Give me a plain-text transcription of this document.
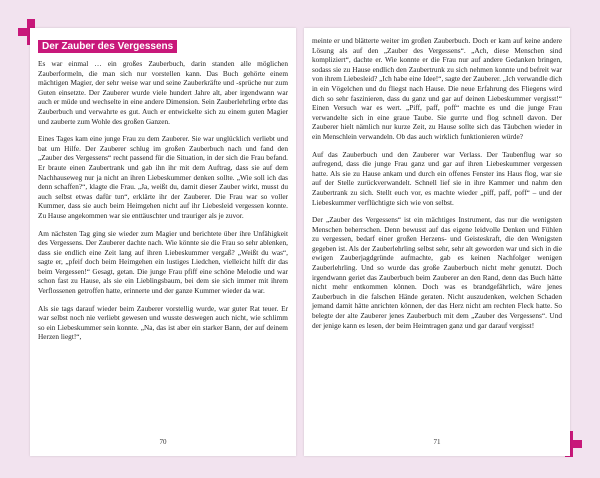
Der Zauber des Vergessens

Es war einmal … ein großes Zauberbuch, darin standen alle möglichen Zauberformeln, die man sich nur vorstellen kann. Das Buch gehörte einem mächtigen Magier, der sehr weise war und seine Zauberkräfte und -sprüche nur zum Guten einsetzte. Der Zauberer wurde viele hundert Jahre alt, aber irgendwann war auch er müde und wechselte in eine andere Dimension. Sein Zauberlehrling erbte das Zauberbuch und verwahrte es gut. Auch er entwickelte sich zu einem guten Magier und zauberte zum Wohle des großen Ganzen.

Eines Tages kam eine junge Frau zu dem Zauberer. Sie war unglücklich verliebt und bat um Hilfe. Der Zauberer schlug im großen Zauberbuch nach und fand den „Zauber des Vergessens“ recht passend für die Situation, in der sich die Frau befand. Er braute einen Zaubertrank und gab ihn ihr mit dem Auftrag, dass sie auf dem Nachhauseweg nur ja nicht an ihren Liebeskummer denken sollte. „Wie soll ich das denn schaffen?“, klagte die Frau. „Ja, weißt du, damit dieser Zauber wirkt, musst du auch selbst etwas dafür tun“, erklärte ihr der Zauberer. Die Frau war so voller Kummer, dass sie auch beim Heimgehen nicht auf ihr Liebesleid vergessen konnte. Zu Hause angekommen war sie enttäuschter und trauriger als je zuvor.

Am nächsten Tag ging sie wieder zum Magier und berichtete über ihre Unfähigkeit des Vergessens. Der Zauberer dachte nach. Wie könnte sie die Frau so sehr ablenken, dass sie endlich eine Zeit lang auf ihren Liebeskummer vergaß? „Weißt du was“, sagte er, „pfeif doch beim Heimgehen ein lustiges Liedchen, vielleicht hilft dir das beim Vergessen!“ Gesagt, getan. Die junge Frau pfiff eine schöne Melodie und war schon fast zu Hause, als sie ein Lieblingsbaum, bei dem sie sich immer mit ihrem Verflossenen getroffen hatte, erinnerte und der ganze Kummer wieder da war.

Als sie tags darauf wieder beim Zauberer vorstellig wurde, war guter Rat teuer. Er war selbst noch nie verliebt gewesen und wusste deswegen auch nicht, wie schlimm so ein Liebeskummer sein konnte. „Na, das ist aber ein starker Bann, der auf deinem Herzen liegt!“,

70

meinte er und blätterte weiter im großen Zauberbuch. Doch er kam auf keine andere Lösung als auf den „Zauber des Vergessens“. „Ach, diese Menschen sind kompliziert“, dachte er. Wie konnte er die Frau nur auf andere Gedanken bringen, sodass sie zu Hause endlich den Zaubertrunk zu sich nehmen konnte und befreit war von ihrem Liebesleid? „Ich habe eine Idee!“, sagte der Zauberer. „Ich verwandle dich in ein Vögelchen und du fliegst nach Hause. Die neue Erfahrung des Fliegens wird dich so sehr faszinieren, dass du ganz und gar auf deinen Liebeskummer vergisst!“ Einen Versuch war es wert. „Piff, paff, poff“ machte es und die junge Frau verwandelte sich in eine graue Taube. Sie gurrte und flog schnell davon. Der Zauberer hielt nämlich nur kurze Zeit, zu Hause sollte sich das Täubchen wieder in ein Menschlein verwandeln. Ob das auch wirklich funktionieren würde?

Auf das Zauberbuch und den Zauberer war Verlass. Der Taubenflug war so aufregend, dass die junge Frau ganz und gar auf ihren Liebeskummer vergessen hatte. Als sie zu Hause ankam und durch ein offenes Fenster ins Haus flog, war sie auf der Stelle zurückverwandelt. Schnell lief sie in ihre Kammer und nahm den Zaubertrank zu sich. Stellt euch vor, es machte wieder „piff, paff, poff“ – und der Liebeskummer verflüchtigte sich wie von selbst.

Der „Zauber des Vergessens“ ist ein mächtiges Instrument, das nur die wenigsten Menschen beherrschen. Denn bewusst auf das eigene leidvolle Denken und Fühlen zu vergessen, bedarf einer großen Herzens- und Geisteskraft, die den Wenigsten gegeben ist. Als der Zauberlehrling selbst sehr, sehr alt geworden war und sich in die ewigen Zauberjagdgründe aufmachte, gab es keinen Nachfolger wenigen Zauberlehrling. Und so wurde das große Zauberbuch nicht mehr genutzt. Doch irgendwann geriet das Zauberbuch beim Zauberer an den Rand, denn das Buch hätte nicht mehr entkommen können. Doch was es brandgefährlich, wäre jenes Zauberbuch in die falschen Hände geraten. Nicht auszudenken, welchen Schaden jemand damit hätte anrichten können, der das Herz nicht am rechten Fleck hatte. So belegte der alte Zauberer jenes Zauberbuch mit dem „Zauber des Vergessens“. Und der jenige kann es lesen, der beim Heimtragen ganz und gar darauf vergisst!

71
